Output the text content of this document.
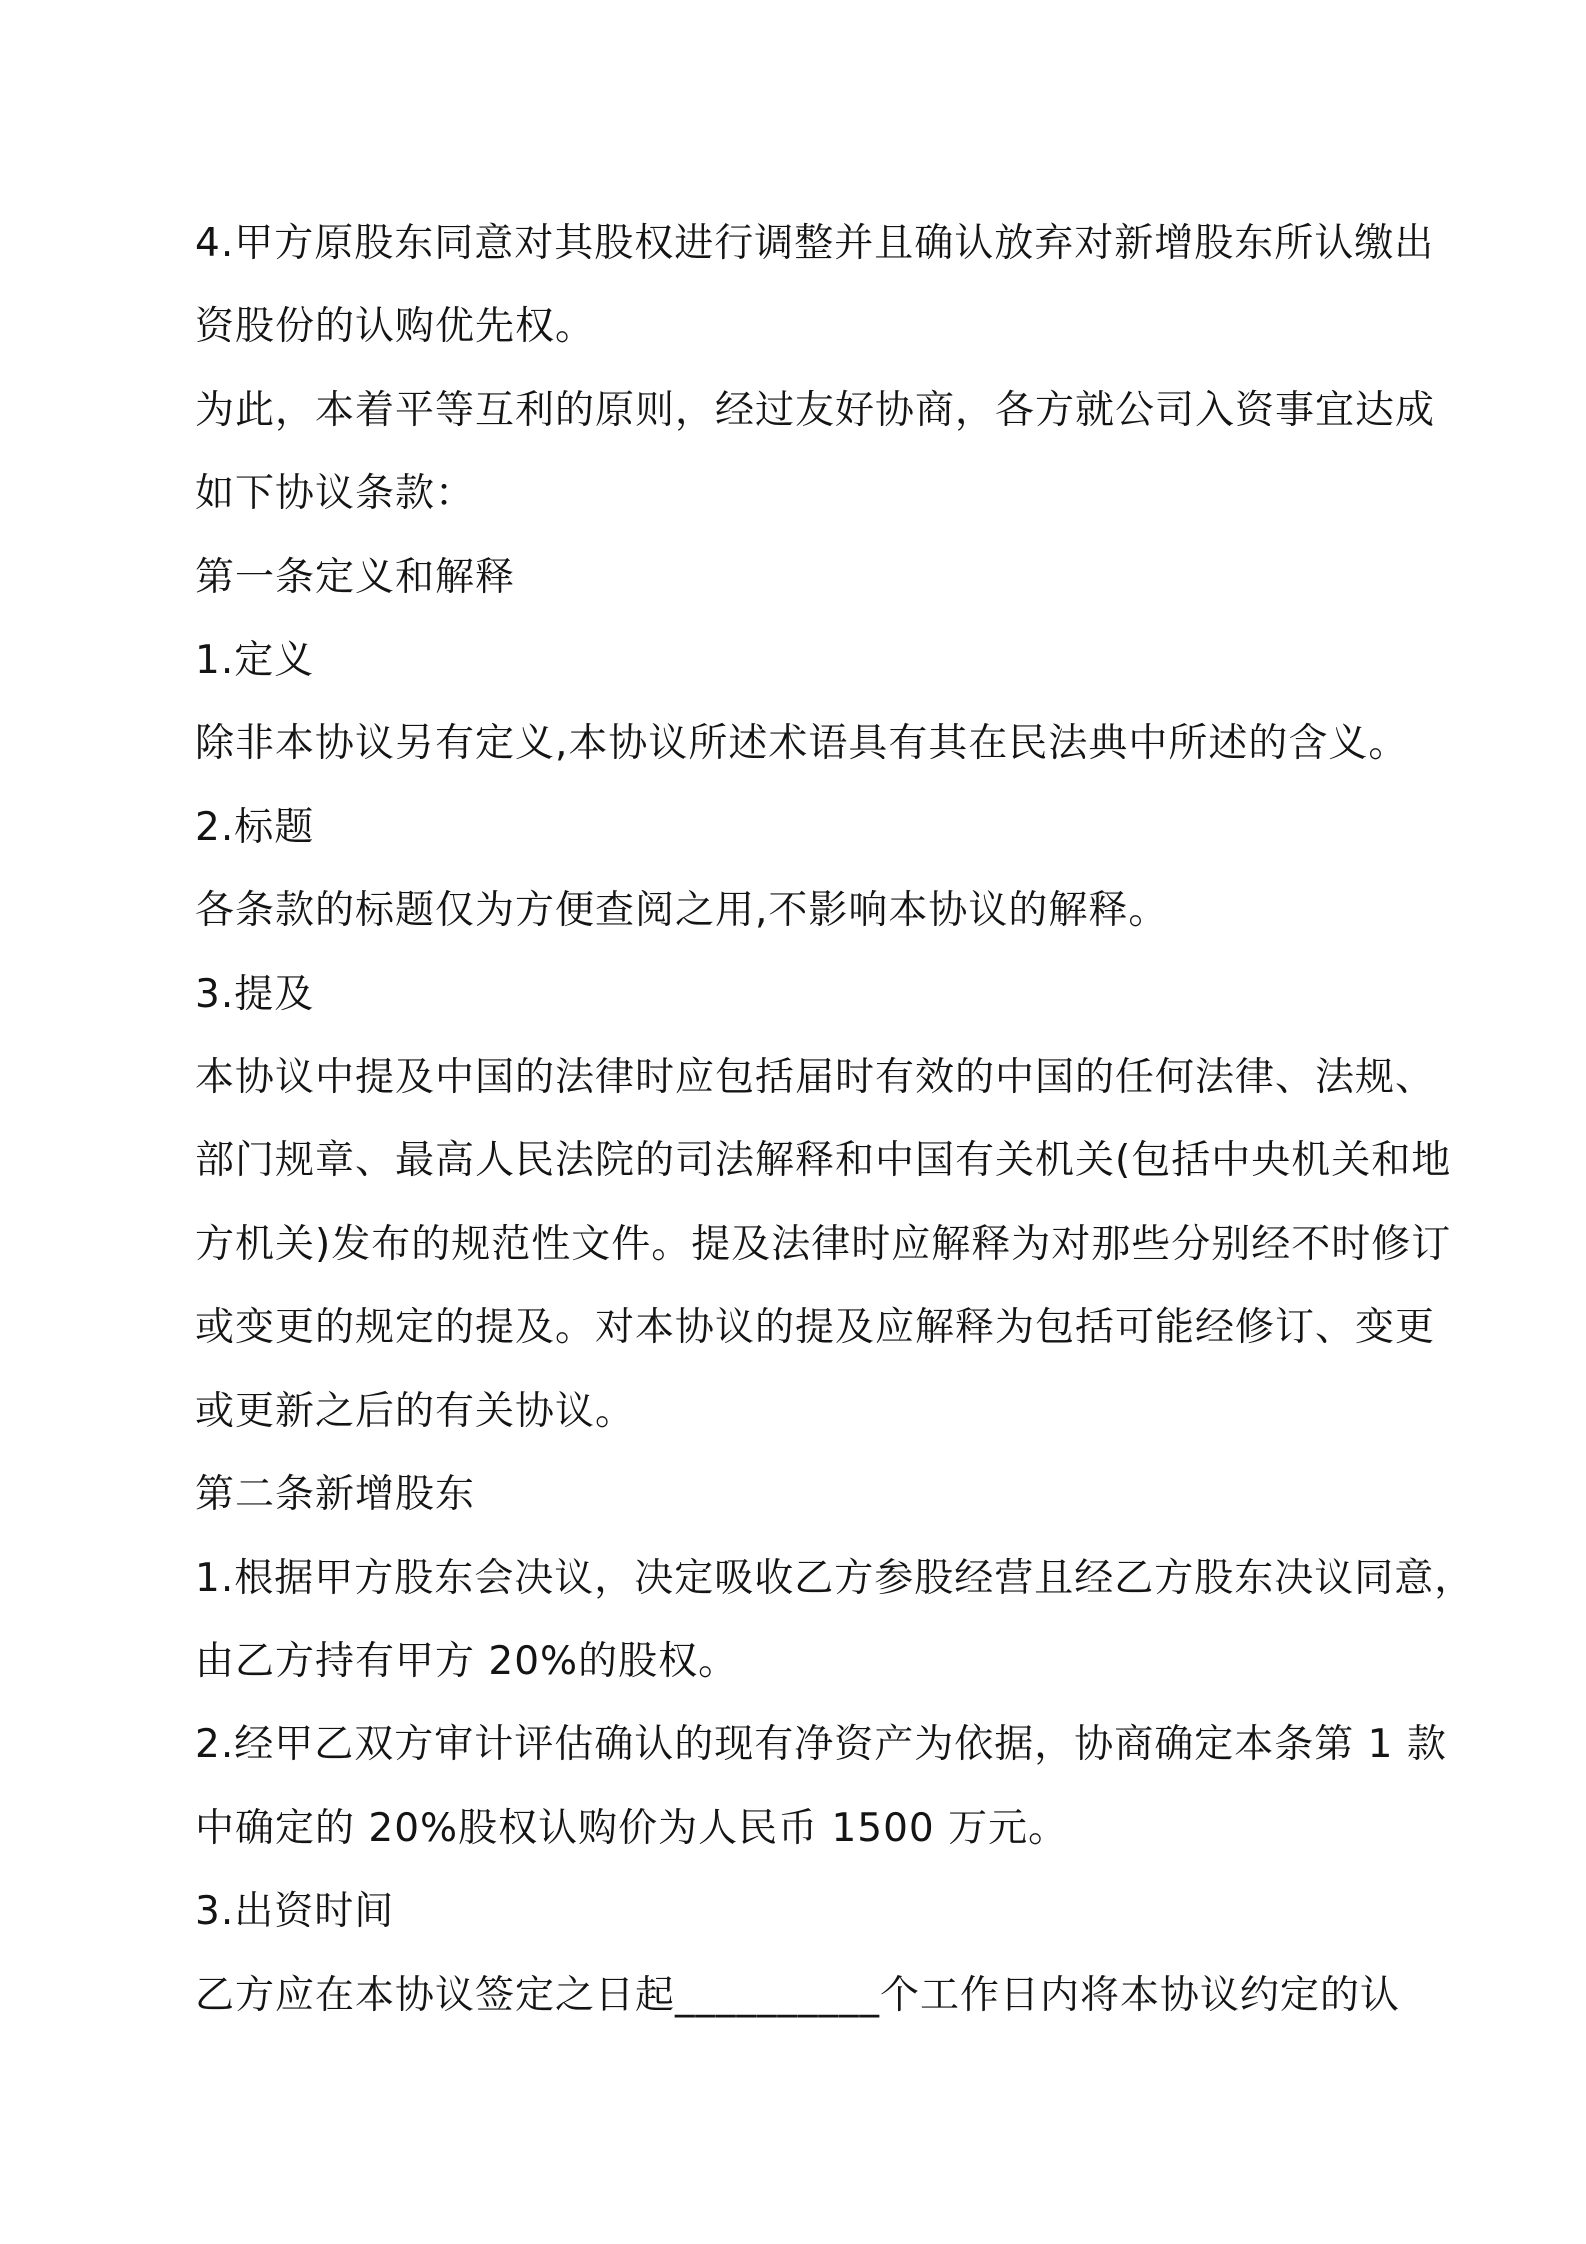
4.甲方原股东同意对其股权进行调整并且确认放弃对新增股东所认缴出
资股份的认购优先权。
为此，本着平等互利的原则，经过友好协商，各方就公司入资事宜达成
如下协议条款：
第一条定义和解释
1.定义
除非本协议另有定义,本协议所述术语具有其在民法典中所述的含义。
2.标题
各条款的标题仅为方便查阅之用,不影响本协议的解释。
3.提及
本协议中提及中国的法律时应包括届时有效的中国的任何法律、法规、
部门规章、最高人民法院的司法解释和中国有关机关(包括中央机关和地
方机关)发布的规范性文件。提及法律时应解释为对那些分别经不时修订
或变更的规定的提及。对本协议的提及应解释为包括可能经修订、变更
或更新之后的有关协议。
第二条新增股东
1.根据甲方股东会决议，决定吸收乙方参股经营且经乙方股东决议同意，
由乙方持有甲方 20%的股权。
2.经甲乙双方审计评估确认的现有净资产为依据，协商确定本条第 1 款
中确定的 20%股权认购价为人民币 1500 万元。
3.出资时间
乙方应在本协议签定之日起__________个工作日内将本协议约定的认
